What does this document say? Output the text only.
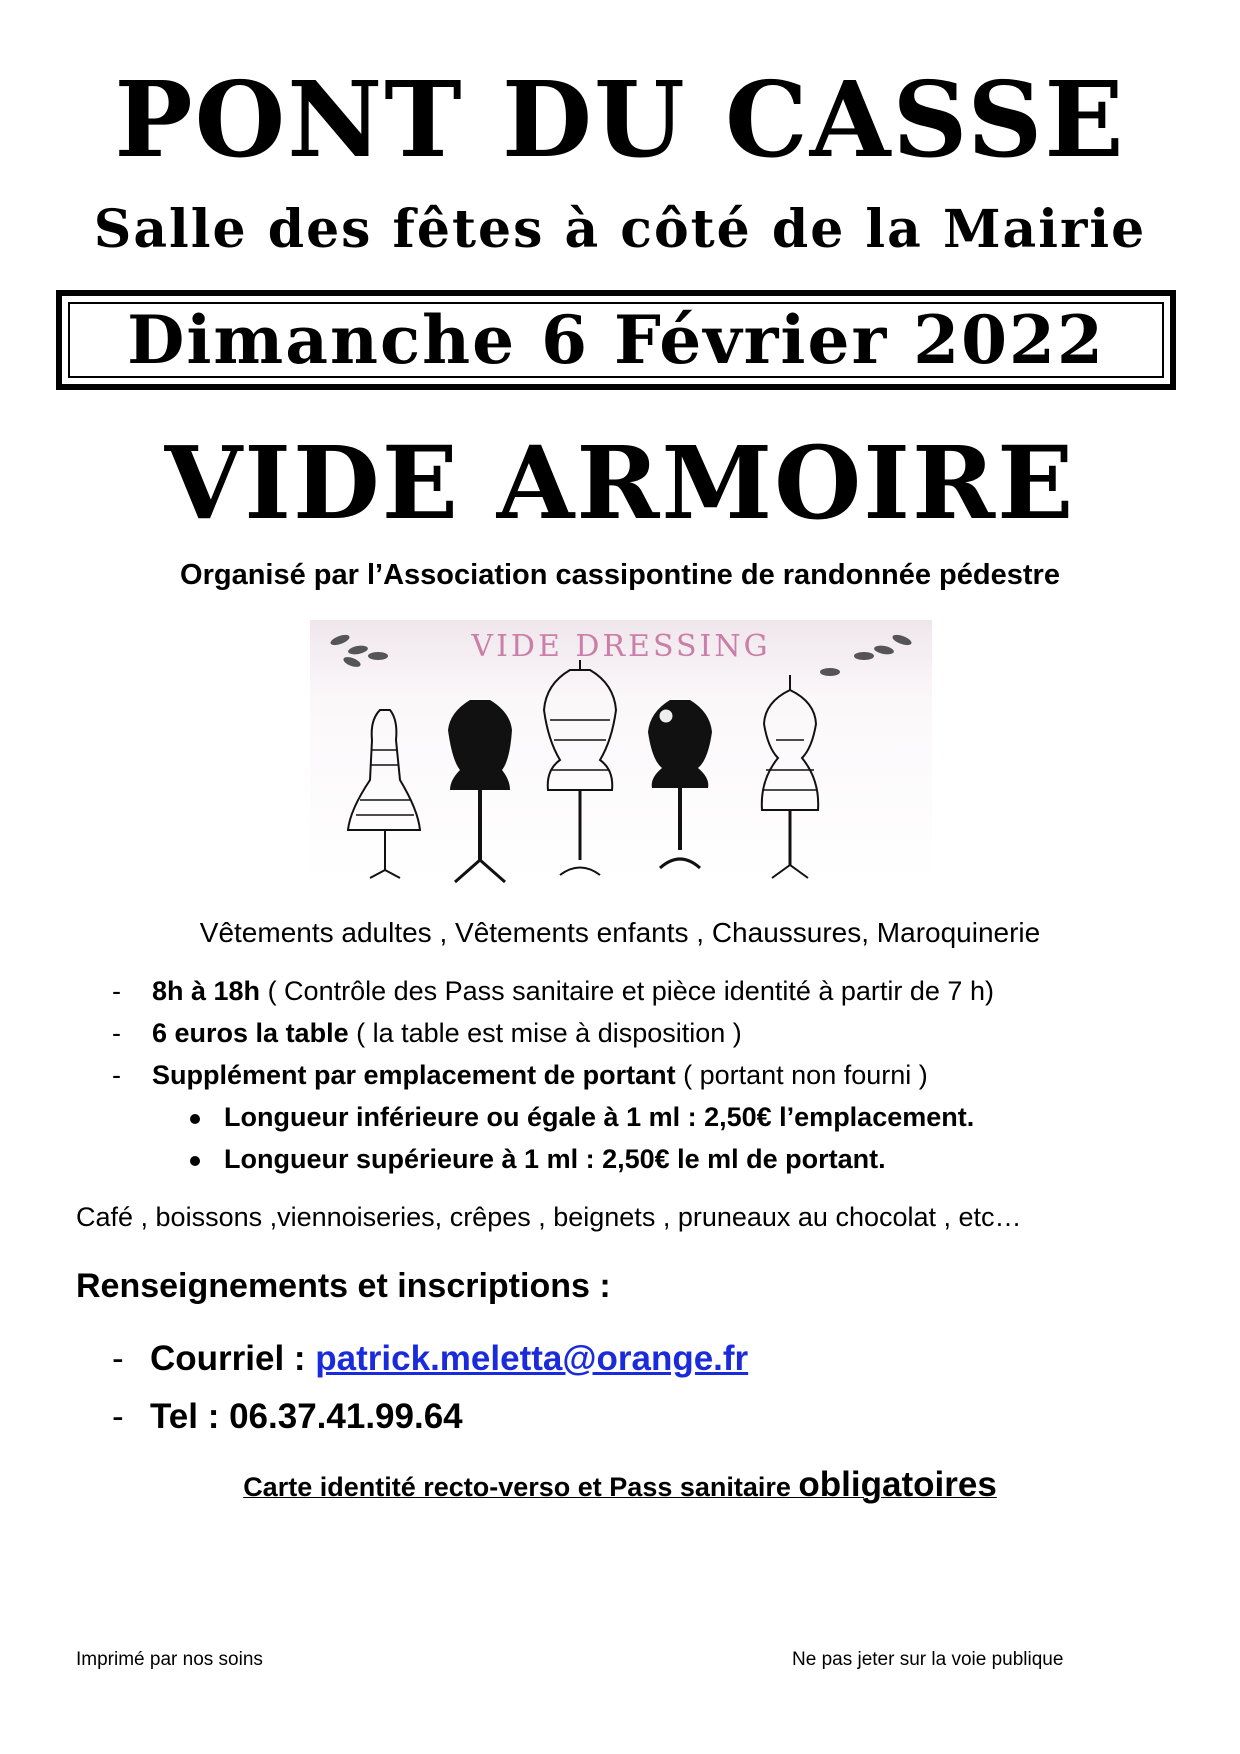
PONT DU CASSE
Salle des fêtes à côté de la Mairie
Dimanche 6 Février 2022
VIDE ARMOIRE
Organisé par l’Association cassipontine de randonnée pédestre
VIDE DRESSING
Vêtements adultes , Vêtements enfants , Chaussures, Maroquinerie
- 8h à 18h ( Contrôle des Pass sanitaire et pièce identité à partir de 7 h)
- 6 euros la table ( la table est mise à disposition )
- Supplément par emplacement de portant ( portant non fourni )
Longueur inférieure ou égale à 1 ml : 2,50€ l’emplacement.
Longueur supérieure à 1 ml : 2,50€ le ml de portant.
Café , boissons ,viennoiseries, crêpes , beignets , pruneaux au chocolat , etc…
Renseignements et inscriptions :
- Courriel : patrick.meletta@orange.fr
- Tel : 06.37.41.99.64
Carte identité recto-verso et Pass sanitaire obligatoires
Imprimé par nos soins	Ne pas jeter sur la voie publique
